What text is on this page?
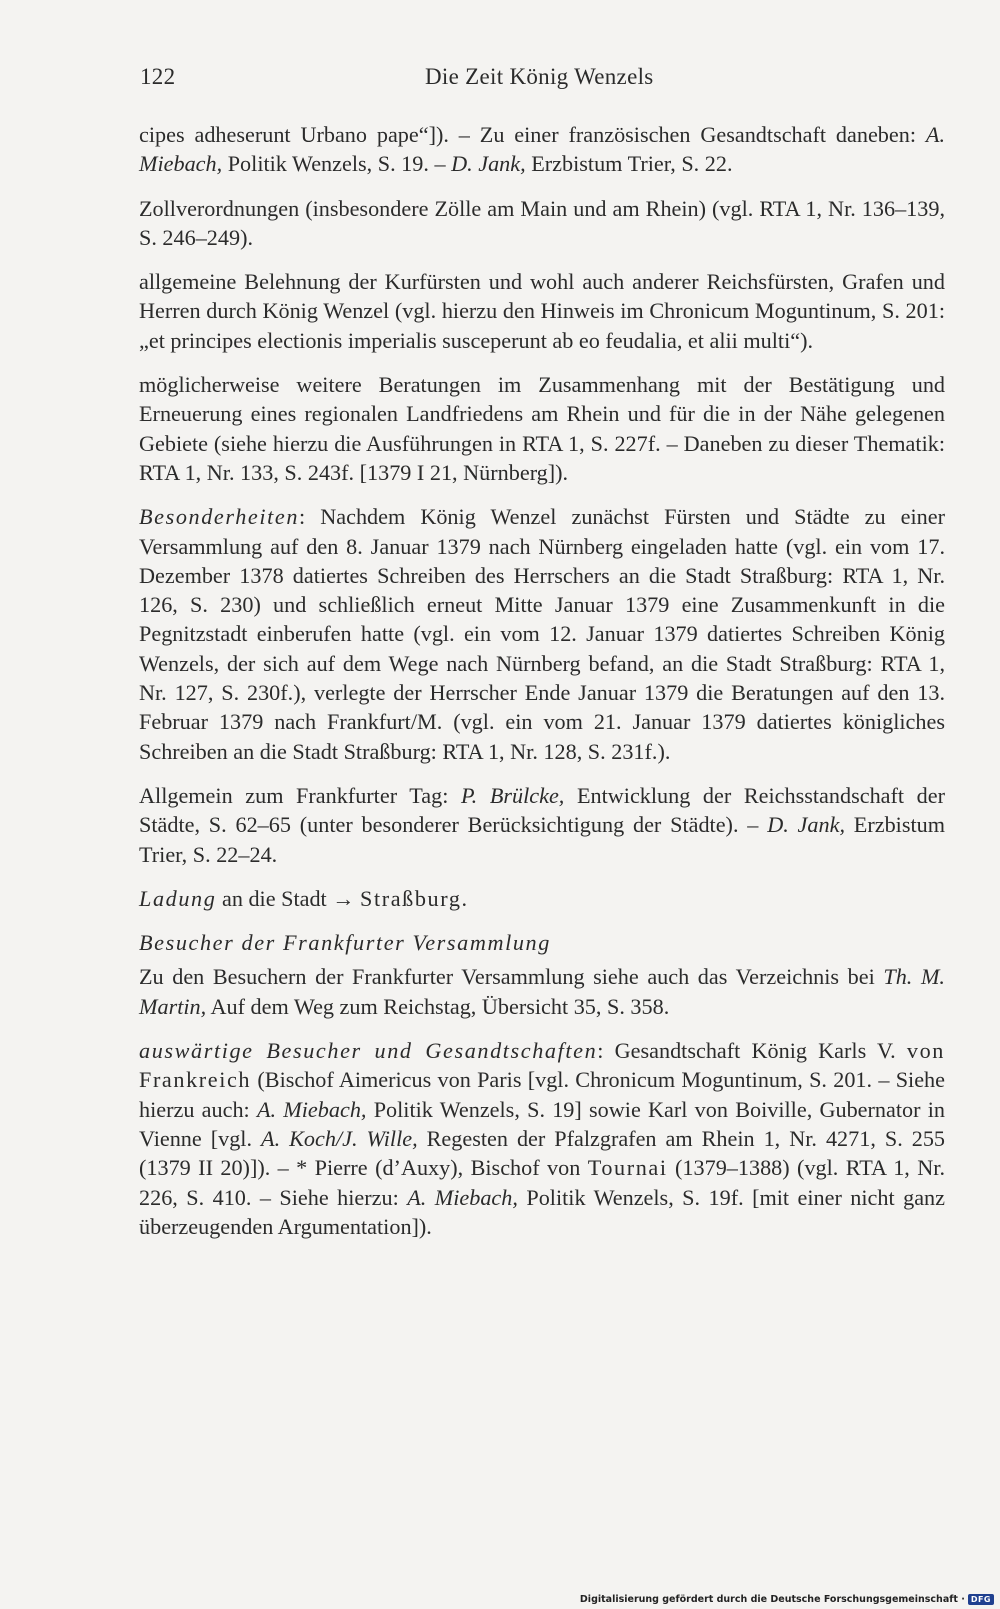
122	Die Zeit König Wenzels

cipes adheserunt Urbano pape“]). – Zu einer französischen Gesandtschaft daneben: A. Miebach, Politik Wenzels, S. 19. – D. Jank, Erzbistum Trier, S. 22.

Zollverordnungen (insbesondere Zölle am Main und am Rhein) (vgl. RTA 1, Nr. 136–139, S. 246–249).

allgemeine Belehnung der Kurfürsten und wohl auch anderer Reichsfürsten, Grafen und Herren durch König Wenzel (vgl. hierzu den Hinweis im Chronicum Moguntinum, S. 201: „et principes electionis imperialis susceperunt ab eo feudalia, et alii multi“).

möglicherweise weitere Beratungen im Zusammenhang mit der Bestätigung und Erneuerung eines regionalen Landfriedens am Rhein und für die in der Nähe gelegenen Gebiete (siehe hierzu die Ausführungen in RTA 1, S. 227f. – Daneben zu dieser Thematik: RTA 1, Nr. 133, S. 243f. [1379 I 21, Nürnberg]).

Besonderheiten: Nachdem König Wenzel zunächst Fürsten und Städte zu einer Versammlung auf den 8. Januar 1379 nach Nürnberg eingeladen hatte (vgl. ein vom 17. Dezember 1378 datiertes Schreiben des Herrschers an die Stadt Straßburg: RTA 1, Nr. 126, S. 230) und schließlich erneut Mitte Januar 1379 eine Zusammenkunft in die Pegnitzstadt einberufen hatte (vgl. ein vom 12. Januar 1379 datiertes Schreiben König Wenzels, der sich auf dem Wege nach Nürnberg befand, an die Stadt Straßburg: RTA 1, Nr. 127, S. 230f.), verlegte der Herrscher Ende Januar 1379 die Beratungen auf den 13. Februar 1379 nach Frankfurt/M. (vgl. ein vom 21. Januar 1379 datiertes königliches Schreiben an die Stadt Straßburg: RTA 1, Nr. 128, S. 231f.).

Allgemein zum Frankfurter Tag: P. Brülcke, Entwicklung der Reichsstandschaft der Städte, S. 62–65 (unter besonderer Berücksichtigung der Städte). – D. Jank, Erzbistum Trier, S. 22–24.

Ladung an die Stadt → Straßburg.

Besucher der Frankfurter Versammlung

Zu den Besuchern der Frankfurter Versammlung siehe auch das Verzeichnis bei Th. M. Martin, Auf dem Weg zum Reichstag, Übersicht 35, S. 358.

auswärtige Besucher und Gesandtschaften: Gesandtschaft König Karls V. von Frankreich (Bischof Aimericus von Paris [vgl. Chronicum Moguntinum, S. 201. – Siehe hierzu auch: A. Miebach, Politik Wenzels, S. 19] sowie Karl von Boiville, Gubernator in Vienne [vgl. A. Koch/J. Wille, Regesten der Pfalzgrafen am Rhein 1, Nr. 4271, S. 255 (1379 II 20)]). – * Pierre (d’Auxy), Bischof von Tournai (1379–1388) (vgl. RTA 1, Nr. 226, S. 410. – Siehe hierzu: A. Miebach, Politik Wenzels, S. 19f. [mit einer nicht ganz überzeugenden Argumentation]).

Digitalisierung gefördert durch die Deutsche Forschungsgemeinschaft · DFG
